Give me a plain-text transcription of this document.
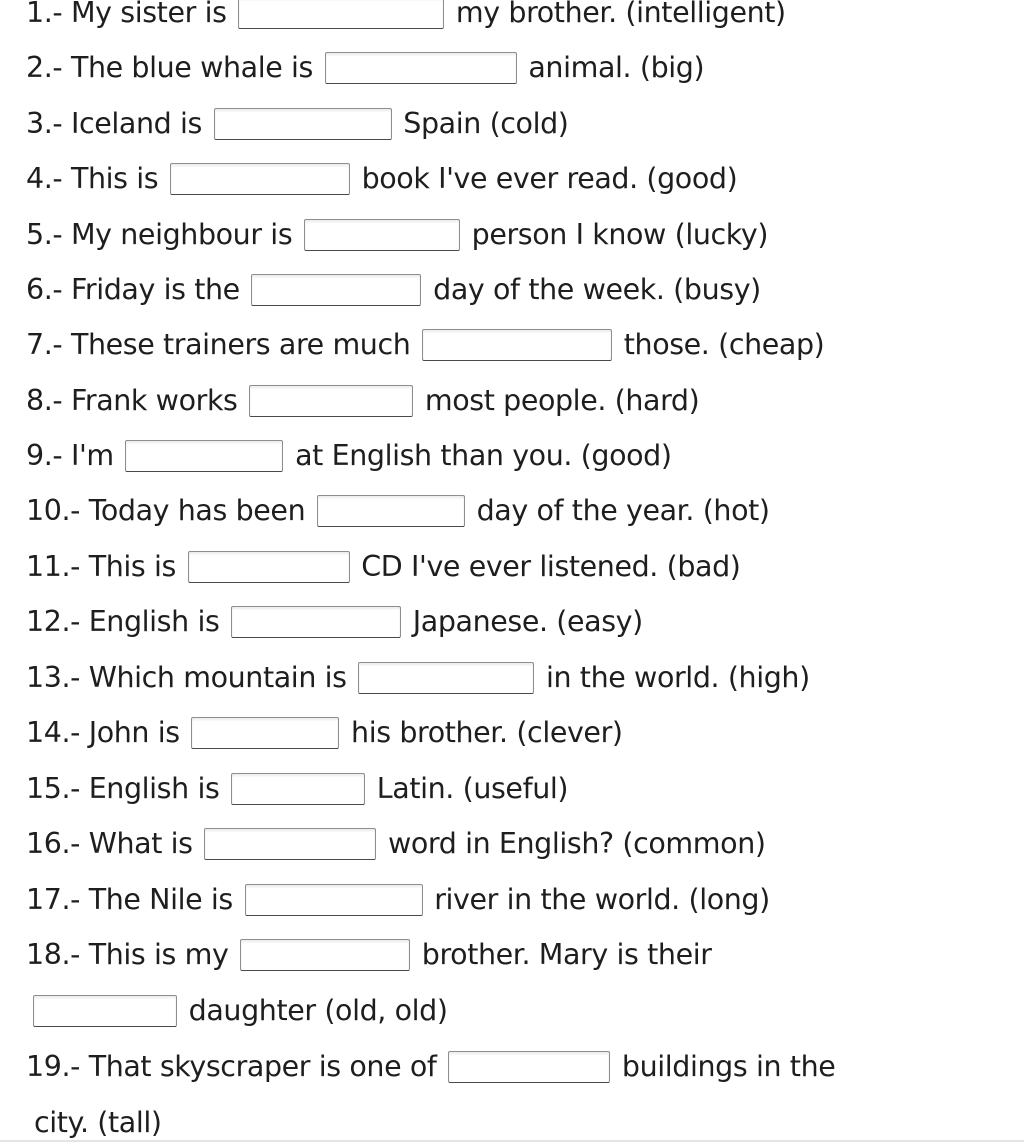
1.- My sister is	my brother. (intelligent)
2.- The blue whale is	animal. (big)
3.- Iceland is	Spain (cold)
4.- This is	book I've ever read. (good)
5.- My neighbour is	person I know (lucky)
6.- Friday is the	day of the week. (busy)
7.- These trainers are much	those. (cheap)
8.- Frank works	most people. (hard)
9.- I'm	at English than you. (good)
10.- Today has been	day of the year. (hot)
11.- This is	CD I've ever listened. (bad)
12.- English is	Japanese. (easy)
13.- Which mountain is	in the world. (high)
14.- John is	his brother. (clever)
15.- English is	Latin. (useful)
16.- What is	word in English? (common)
17.- The Nile is	river in the world. (long)
18.- This is my	brother. Mary is their
daughter (old, old)
19.- That skyscraper is one of	buildings in the
city. (tall)
